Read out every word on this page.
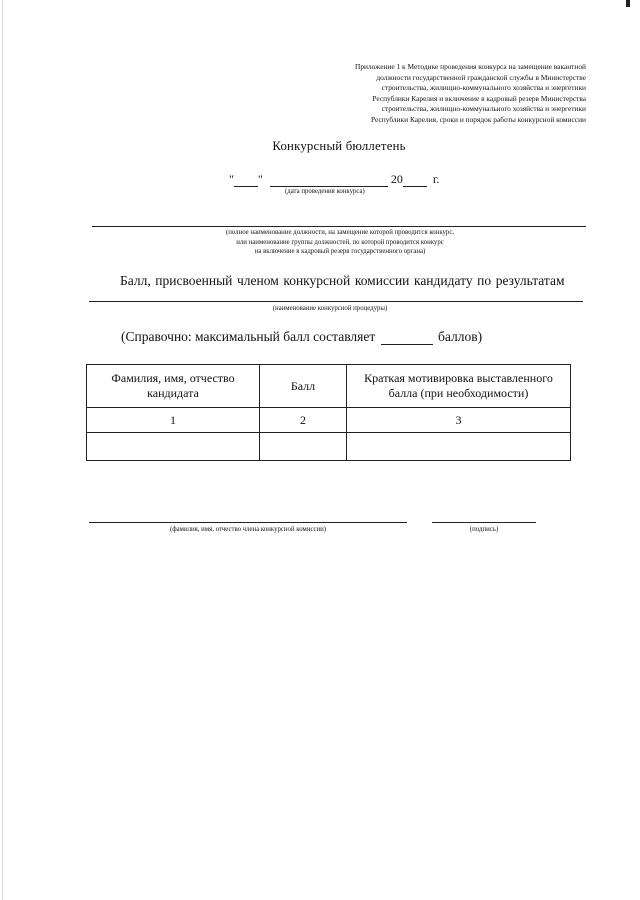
Приложение 1 к Методике проведения конкурса на замещение вакантной
должности государственной гражданской службы в Министерстве
строительства, жилищно-коммунального хозяйства и энергетики
Республики Карелия и включение в кадровый резерв Министерства
строительства, жилищно-коммунального хозяйства и энергетики
Республики Карелия, сроки и порядок работы конкурсной комиссии
Конкурсный бюллетень
" "	20	г.
(дата проведения конкурса)
(полное наименование должности, на замещение которой проводится конкурс,
или наименование группы должностей, по которой проводится конкурс
на включение в кадровый резерв государственного органа)
Балл, присвоенный членом конкурсной комиссии кандидату по результатам
(наименование конкурсной процедуры)
(Справочно: максимальный балл составляет	баллов)
Фамилия, имя, отчество кандидата	Балл	Краткая мотивировка выставленного балла (при необходимости)
1	2	3

(фамилия, имя, отчество члена конкурсной комиссии)	(подпись)
